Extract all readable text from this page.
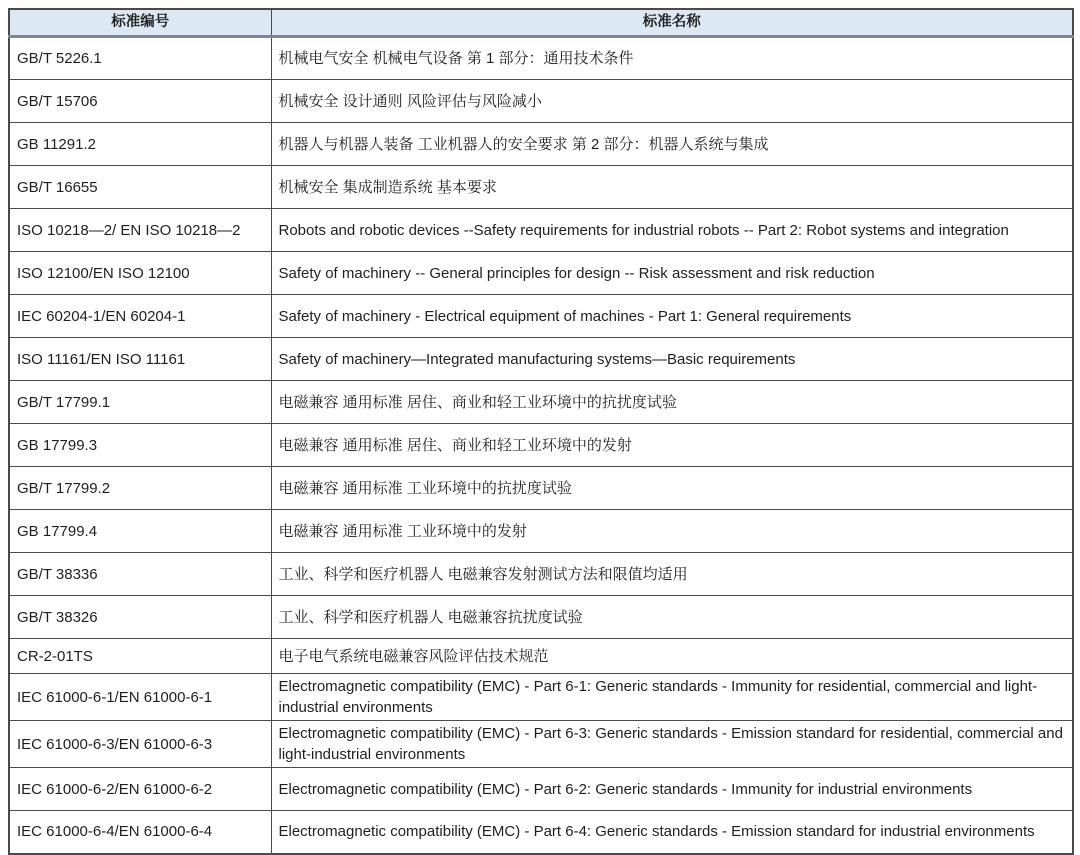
标准编号	标准名称
GB/T 5226.1	机械电气安全 机械电气设备 第 1 部分：通用技术条件
GB/T 15706	机械安全 设计通则 风险评估与风险减小
GB 11291.2	机器人与机器人装备 工业机器人的安全要求 第 2 部分：机器人系统与集成
GB/T 16655	机械安全 集成制造系统 基本要求
ISO 10218—2/ EN ISO 10218—2	Robots and robotic devices --Safety requirements for industrial robots -- Part 2: Robot systems and integration
ISO 12100/EN ISO 12100	Safety of machinery -- General principles for design -- Risk assessment and risk reduction
IEC 60204-1/EN 60204-1	Safety of machinery - Electrical equipment of machines - Part 1: General requirements
ISO 11161/EN ISO 11161	Safety of machinery—Integrated manufacturing systems—Basic requirements
GB/T 17799.1	电磁兼容 通用标准 居住、商业和轻工业环境中的抗扰度试验
GB 17799.3	电磁兼容 通用标准 居住、商业和轻工业环境中的发射
GB/T 17799.2	电磁兼容 通用标准 工业环境中的抗扰度试验
GB 17799.4	电磁兼容 通用标准 工业环境中的发射
GB/T 38336	工业、科学和医疗机器人 电磁兼容发射测试方法和限值均适用
GB/T 38326	工业、科学和医疗机器人 电磁兼容抗扰度试验
CR-2-01TS	电子电气系统电磁兼容风险评估技术规范
IEC 61000-6-1/EN 61000-6-1	Electromagnetic compatibility (EMC) - Part 6-1: Generic standards - Immunity for residential, commercial and light-industrial environments
IEC 61000-6-3/EN 61000-6-3	Electromagnetic compatibility (EMC) - Part 6-3: Generic standards - Emission standard for residential, commercial and light-industrial environments
IEC 61000-6-2/EN 61000-6-2	Electromagnetic compatibility (EMC) - Part 6-2: Generic standards - Immunity for industrial environments
IEC 61000-6-4/EN 61000-6-4	Electromagnetic compatibility (EMC) - Part 6-4: Generic standards - Emission standard for industrial environments
